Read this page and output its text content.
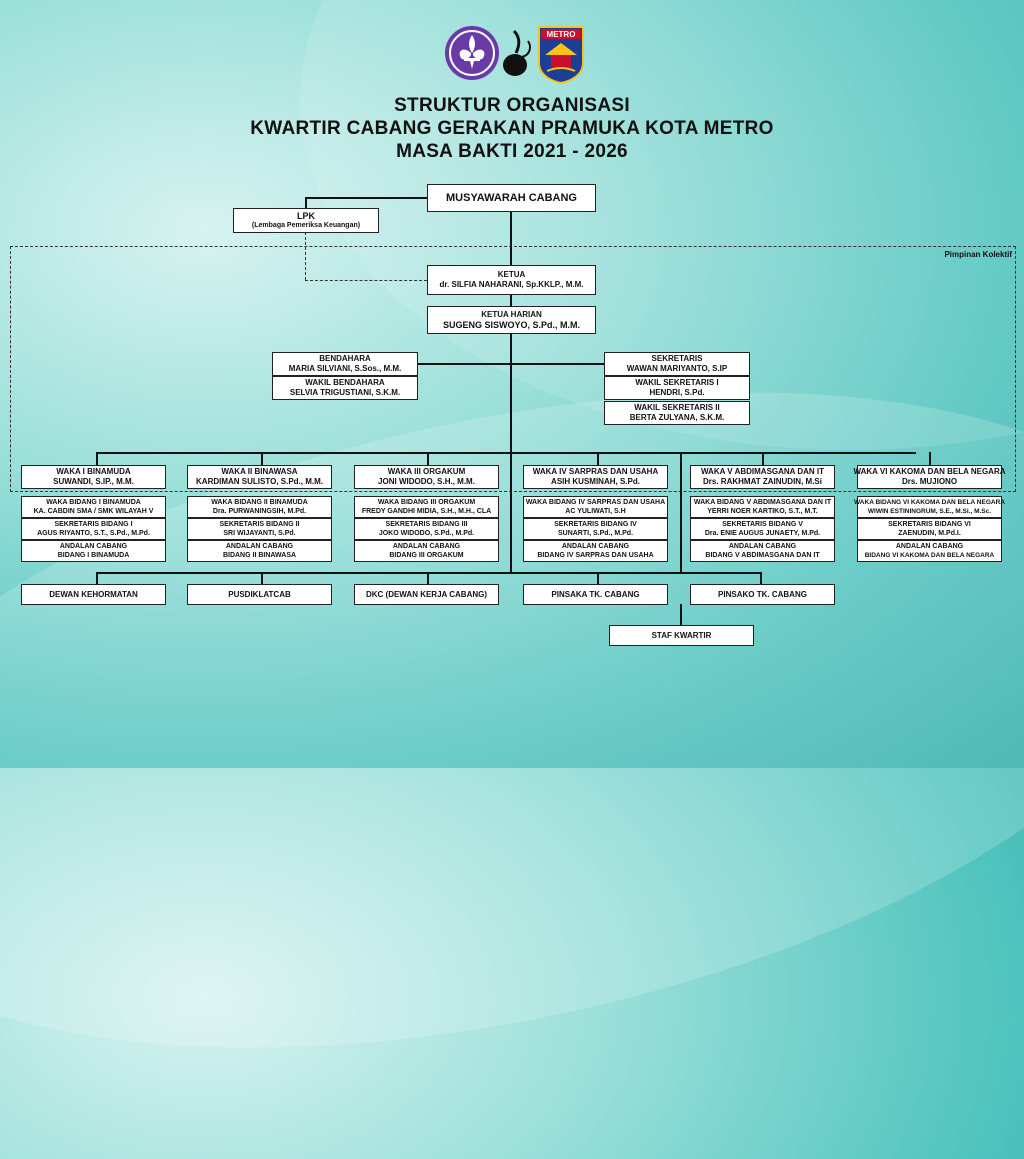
METRO
STRUKTUR ORGANISASI
KWARTIR CABANG GERAKAN PRAMUKA KOTA METRO
MASA BAKTI 2021 - 2026
Pimpinan Kolektif
MUSYAWARAH CABANG
LPK
(Lembaga Pemeriksa Keuangan)
KETUA
dr. SILFIA NAHARANI, Sp.KKLP., M.M.
KETUA HARIAN
SUGENG SISWOYO, S.Pd., M.M.
BENDAHARA
MARIA SILVIANI, S.Sos., M.M.
WAKIL BENDAHARA
SELVIA TRIGUSTIANI, S.K.M.
SEKRETARIS
WAWAN MARIYANTO, S.IP
WAKIL SEKRETARIS I
HENDRI, S.Pd.
WAKIL SEKRETARIS II
BERTA ZULYANA, S.K.M.
WAKA I BINAMUDA
SUWANDI, S.IP., M.M.
WAKA BIDANG I BINAMUDA
KA. CABDIN SMA / SMK WILAYAH V
SEKRETARIS BIDANG I
AGUS RIYANTO, S.T., S.Pd., M.Pd.
ANDALAN CABANG
BIDANG I BINAMUDA
WAKA II BINAWASA
KARDIMAN SULISTO, S.Pd., M.M.
WAKA BIDANG II BINAMUDA
Dra. PURWANINGSIH, M.Pd.
SEKRETARIS BIDANG II
SRI WIJAYANTI, S.Pd.
ANDALAN CABANG
BIDANG II BINAWASA
WAKA III ORGAKUM
JONI WIDODO, S.H., M.M.
WAKA BIDANG III ORGAKUM
FREDY GANDHI MIDIA, S.H., M.H., CLA
SEKRETARIS BIDANG III
JOKO WIDODO, S.Pd., M.Pd.
ANDALAN CABANG
BIDANG III ORGAKUM
WAKA IV SARPRAS DAN USAHA
ASIH KUSMINAH, S.Pd.
WAKA BIDANG IV SARPRAS DAN USAHA
AC YULIWATI, S.H
SEKRETARIS BIDANG IV
SUNARTI, S.Pd., M.Pd.
ANDALAN CABANG
BIDANG IV SARPRAS DAN USAHA
WAKA V ABDIMASGANA DAN IT
Drs. RAKHMAT ZAINUDIN, M.Si
WAKA BIDANG V ABDIMASGANA DAN IT
YERRI NOER KARTIKO, S.T., M.T.
SEKRETARIS BIDANG V
Dra. ENIE AUGUS JUNAETY, M.Pd.
ANDALAN CABANG
BIDANG V ABDIMASGANA DAN IT
WAKA VI KAKOMA DAN BELA NEGARA
Drs. MUJIONO
WAKA BIDANG VI KAKOMA DAN BELA NEGARA
WIWIN ESTININGRUM, S.E., M.Si., M.Sc.
SEKRETARIS BIDANG VI
ZAENUDIN, M.Pd.I.
ANDALAN CABANG
BIDANG VI KAKOMA DAN BELA NEGARA
DEWAN KEHORMATAN	PUSDIKLATCAB	DKC (DEWAN KERJA CABANG)	PINSAKA TK. CABANG	PINSAKO TK. CABANG
STAF KWARTIR
